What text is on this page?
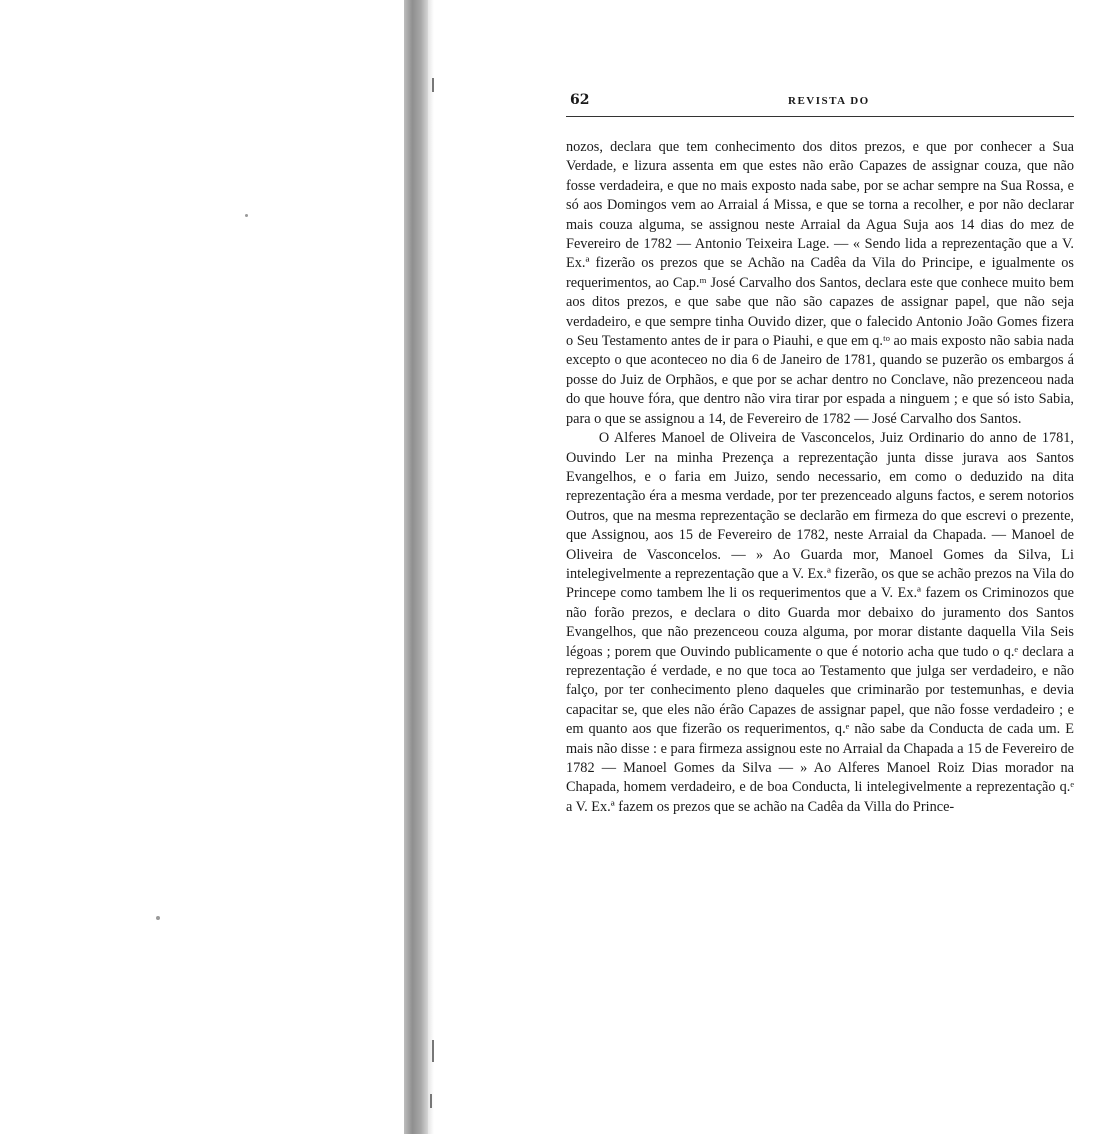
62	REVISTA DO

nozos, declara que tem conhecimento dos ditos prezos, e que por conhecer a Sua Verdade, e lizura assenta em que estes não erão Capazes de assignar couza, que não fosse verdadeira, e que no mais exposto nada sabe, por se achar sempre na Sua Rossa, e só aos Domingos vem ao Arraial á Missa, e que se torna a recolher, e por não declarar mais couza alguma, se assignou neste Arraial da Agua Suja aos 14 dias do mez de Fevereiro de 1782 — Antonio Teixeira Lage. — « Sendo lida a reprezentação que a V. Ex.ª fizerão os prezos que se Achão na Cadêa da Vila do Principe, e igualmente os requerimentos, ao Cap.ᵐ José Carvalho dos Santos, declara este que conhece muito bem aos ditos prezos, e que sabe que não são capazes de assignar papel, que não seja verdadeiro, e que sempre tinha Ouvido dizer, que o falecido Antonio João Gomes fizera o Seu Testamento antes de ir para o Piauhi, e que em q.ᵗᵒ ao mais exposto não sabia nada excepto o que aconteceo no dia 6 de Janeiro de 1781, quando se puzerão os embargos á posse do Juiz de Orphãos, e que por se achar dentro no Conclave, não prezenceou nada do que houve fóra, que dentro não vira tirar por espada a ninguem ; e que só isto Sabia, para o que se assignou a 14, de Fevereiro de 1782 — José Carvalho dos Santos.

O Alferes Manoel de Oliveira de Vasconcelos, Juiz Ordinario do anno de 1781, Ouvindo Ler na minha Prezença a reprezentação junta disse jurava aos Santos Evangelhos, e o faria em Juizo, sendo necessario, em como o deduzido na dita reprezentação éra a mesma verdade, por ter prezenceado alguns factos, e serem notorios Outros, que na mesma reprezentação se declarão em firmeza do que escrevi o prezente, que Assignou, aos 15 de Fevereiro de 1782, neste Arraial da Chapada. — Manoel de Oliveira de Vasconcelos. — » Ao Guarda mor, Manoel Gomes da Silva, Li intelegivelmente a reprezentação que a V. Ex.ª fizerão, os que se achão prezos na Vila do Princepe como tambem lhe li os requerimentos que a V. Ex.ª fazem os Criminozos que não forão prezos, e declara o dito Guarda mor debaixo do juramento dos Santos Evangelhos, que não prezenceou couza alguma, por morar distante daquella Vila Seis légoas ; porem que Ouvindo publicamente o que é notorio acha que tudo o q.ᵉ declara a reprezentação é verdade, e no que toca ao Testamento que julga ser verdadeiro, e não falço, por ter conhecimento pleno daqueles que criminarão por testemunhas, e devia capacitar se, que eles não érão Capazes de assignar papel, que não fosse verdadeiro ; e em quanto aos que fizerão os requerimentos, q.ᵉ não sabe da Conducta de cada um. E mais não disse : e para firmeza assignou este no Arraial da Chapada a 15 de Fevereiro de 1782 — Manoel Gomes da Silva — » Ao Alferes Manoel Roiz Dias morador na Chapada, homem verdadeiro, e de boa Conducta, li intelegivelmente a reprezentação q.ᵉ a V. Ex.ª fazem os prezos que se achão na Cadêa da Villa do Prince-
